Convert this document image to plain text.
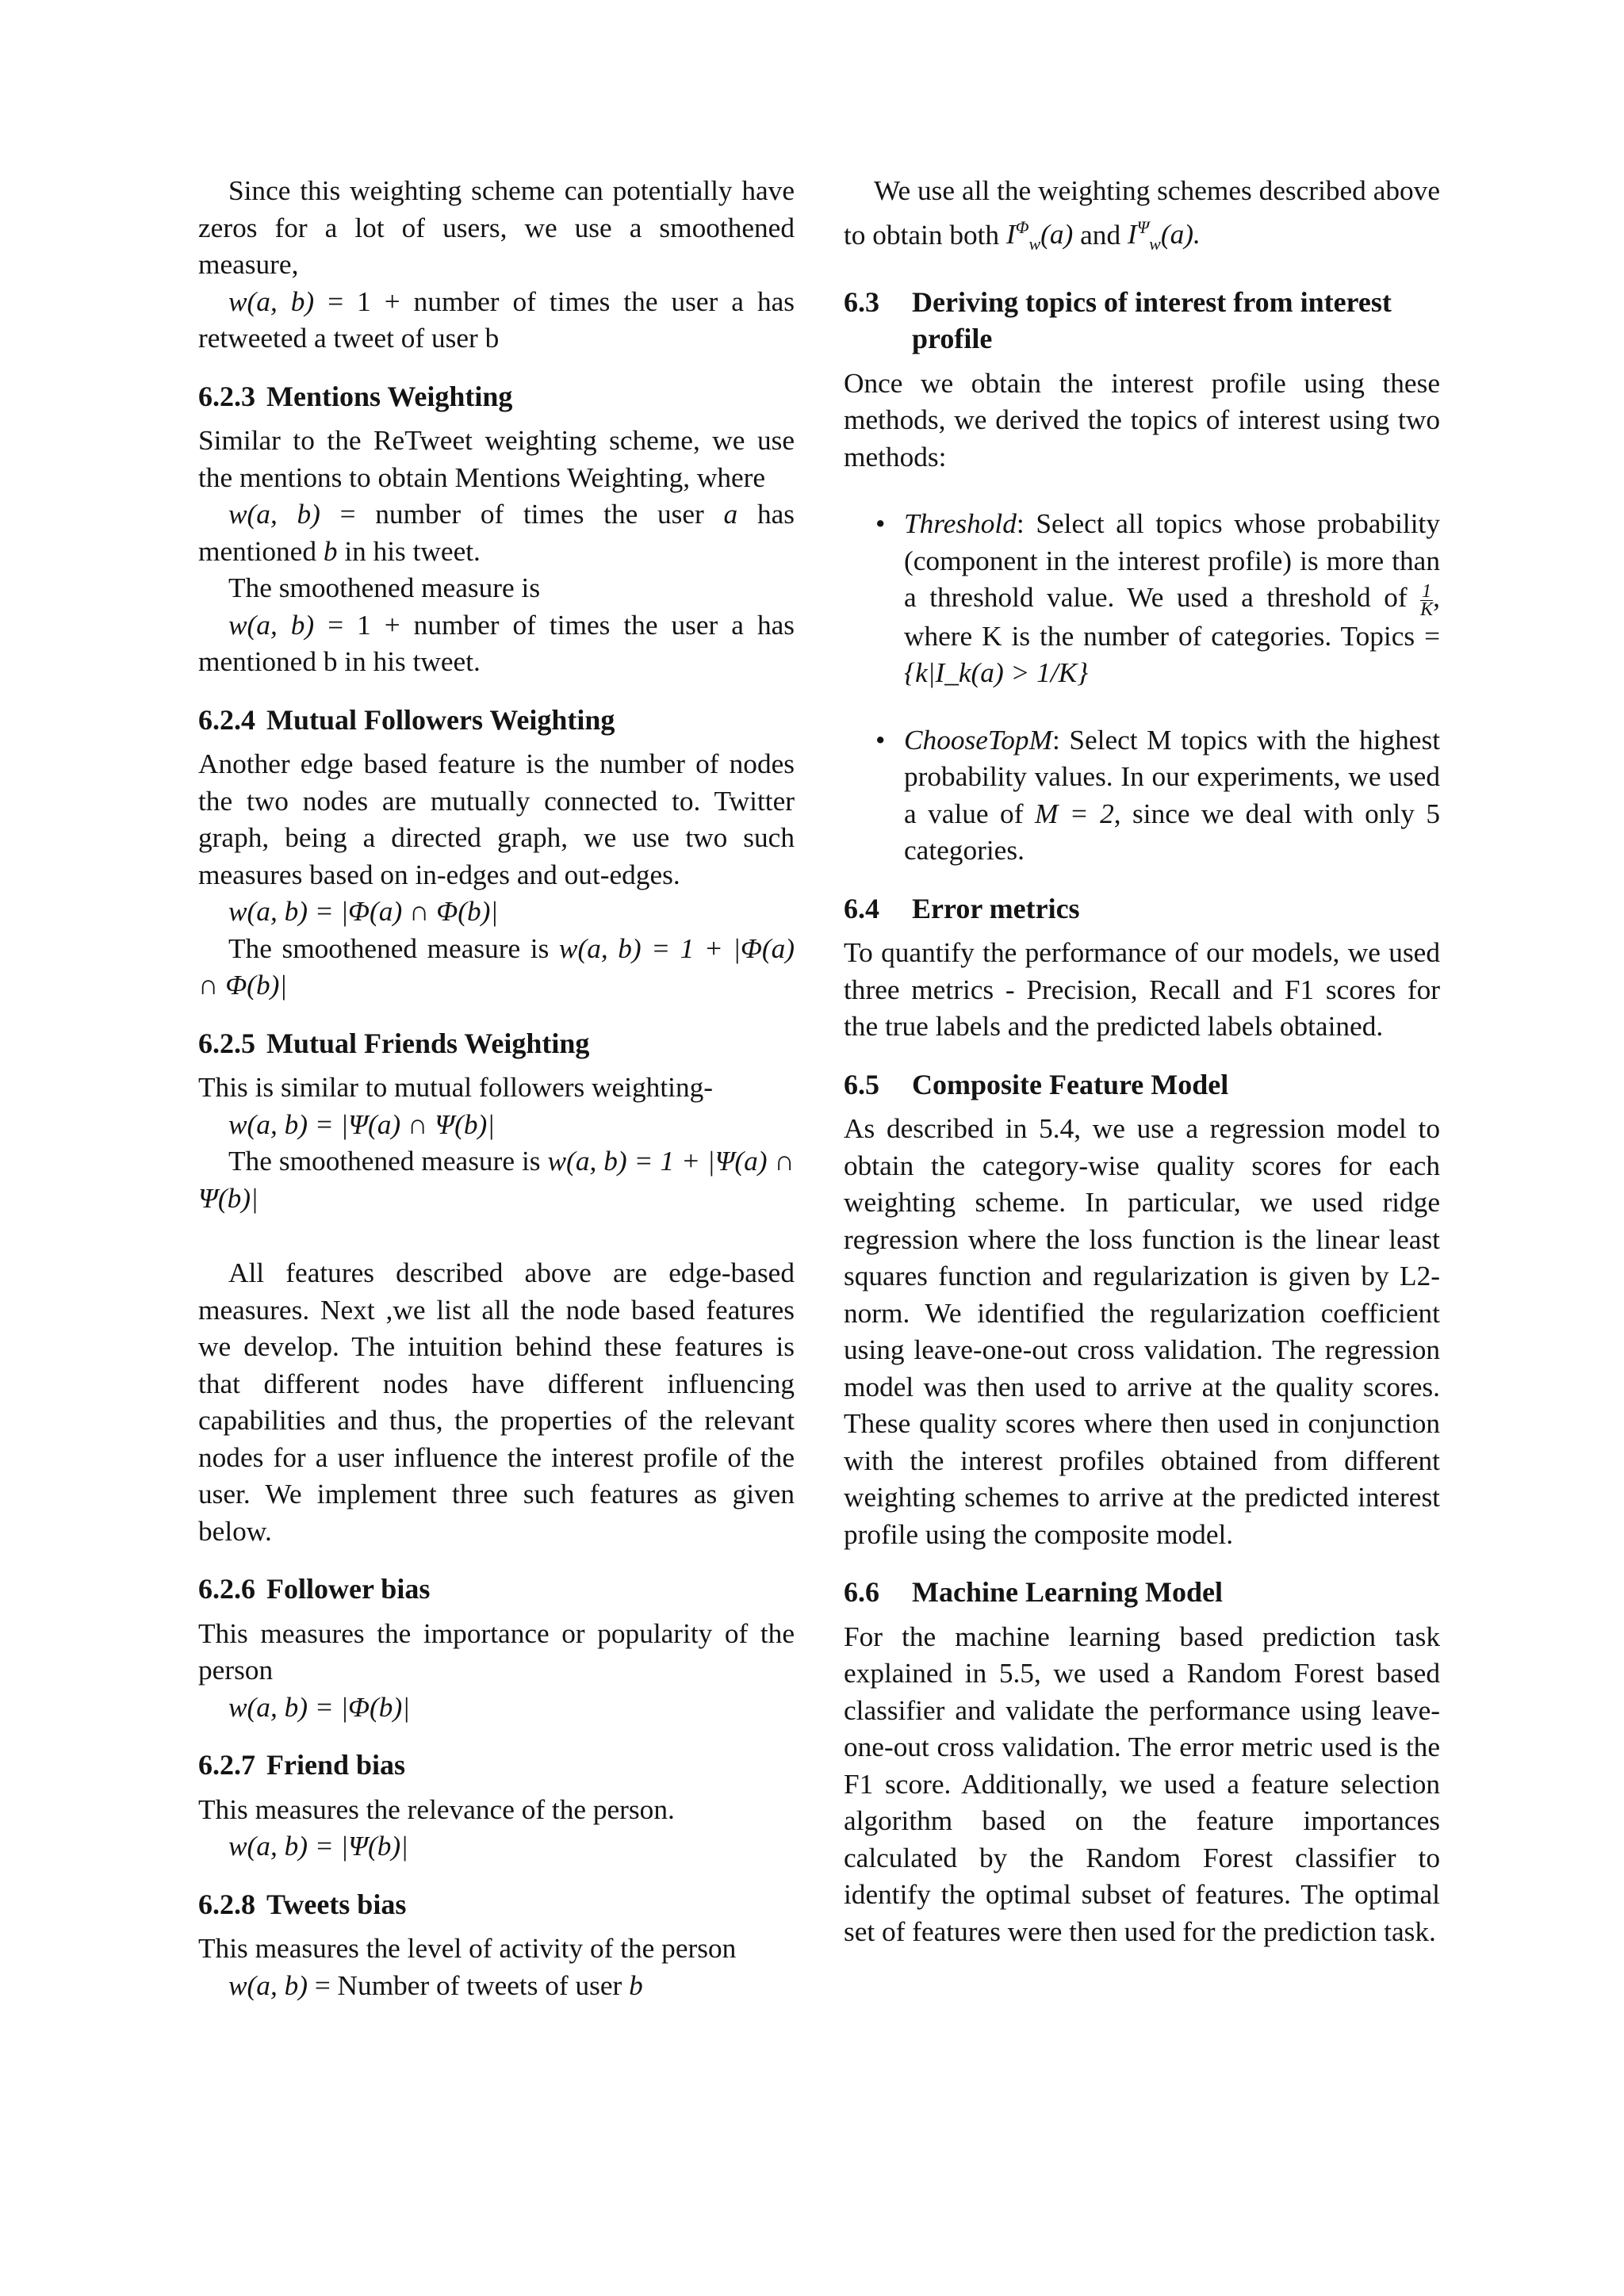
Since this weighting scheme can potentially have zeros for a lot of users, we use a smoothened measure,

w(a, b) = 1 + number of times the user a has retweeted a tweet of user b

6.2.3 Mentions Weighting

Similar to the ReTweet weighting scheme, we use the mentions to obtain Mentions Weighting, where

w(a, b) = number of times the user a has mentioned b in his tweet.

The smoothened measure is

w(a, b) = 1 + number of times the user a has mentioned b in his tweet.

6.2.4 Mutual Followers Weighting

Another edge based feature is the number of nodes the two nodes are mutually connected to. Twitter graph, being a directed graph, we use two such measures based on in-edges and out-edges.

w(a, b) = |Φ(a) ∩ Φ(b)|

The smoothened measure is w(a, b) = 1 + |Φ(a) ∩ Φ(b)|

6.2.5 Mutual Friends Weighting

This is similar to mutual followers weighting-

w(a, b) = |Ψ(a) ∩ Ψ(b)|

The smoothened measure is w(a, b) = 1 + |Ψ(a) ∩ Ψ(b)|

All features described above are edge-based measures. Next ,we list all the node based features we develop. The intuition behind these features is that different nodes have different influencing capabilities and thus, the properties of the relevant nodes for a user influence the interest profile of the user. We implement three such features as given below.

6.2.6 Follower bias

This measures the importance or popularity of the person

w(a, b) = |Φ(b)|

6.2.7 Friend bias

This measures the relevance of the person.

w(a, b) = |Ψ(b)|

6.2.8 Tweets bias

This measures the level of activity of the person

w(a, b) = Number of tweets of user b

We use all the weighting schemes described above to obtain both $I^\Phi_w(a)$ and $I^\Psi_w(a)$.

6.3 Deriving topics of interest from interest profile

Once we obtain the interest profile using these methods, we derived the topics of interest using two methods:

• Threshold: Select all topics whose probability (component in the interest profile) is more than a threshold value. We used a threshold of $\frac{1}{K}$ , where K is the number of categories. Topics = {k|I_k(a) > 1/K}
• ChooseTopM: Select M topics with the highest probability values. In our experiments, we used a value of M = 2, since we deal with only 5 categories.

6.4 Error metrics

To quantify the performance of our models, we used three metrics - Precision, Recall and F1 scores for the true labels and the predicted labels obtained.

6.5 Composite Feature Model

As described in 5.4, we use a regression model to obtain the category-wise quality scores for each weighting scheme. In particular, we used ridge regression where the loss function is the linear least squares function and regularization is given by L2-norm. We identified the regularization coefficient using leave-one-out cross validation. The regression model was then used to arrive at the quality scores. These quality scores where then used in conjunction with the interest profiles obtained from different weighting schemes to arrive at the predicted interest profile using the composite model.

6.6 Machine Learning Model

For the machine learning based prediction task explained in 5.5, we used a Random Forest based classifier and validate the performance using leave-one-out cross validation. The error metric used is the F1 score. Additionally, we used a feature selection algorithm based on the feature importances calculated by the Random Forest classifier to identify the optimal subset of features. The optimal set of features were then used for the prediction task.
